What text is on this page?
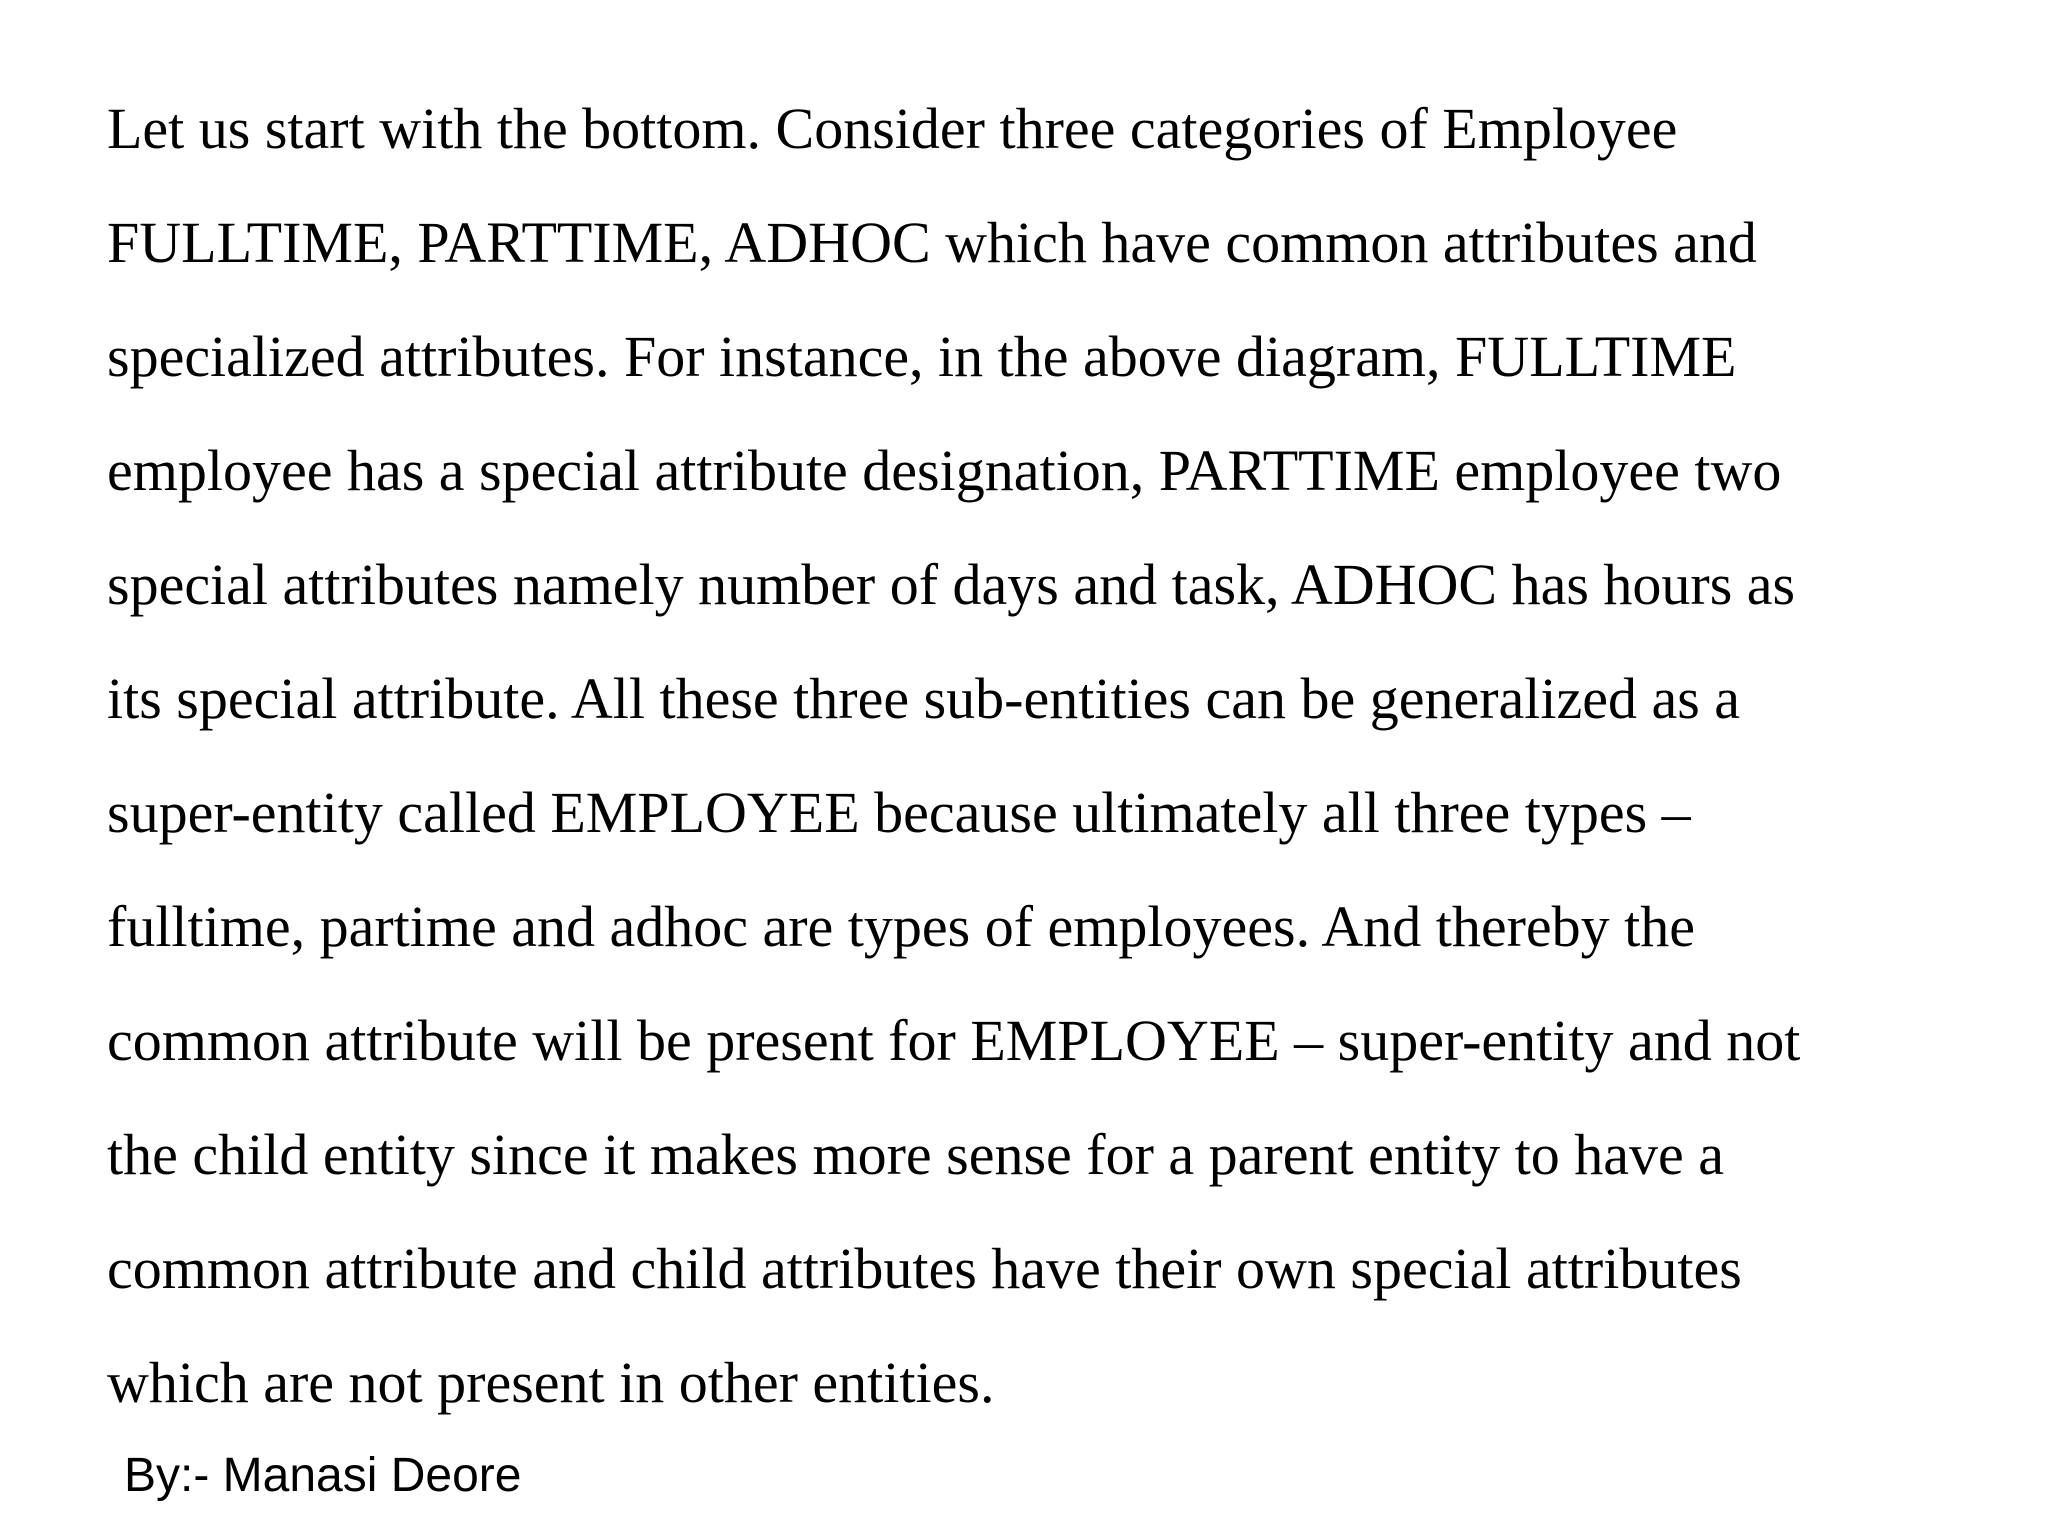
Let us start with the bottom. Consider three categories of Employee
FULLTIME, PARTTIME, ADHOC which have common attributes and
specialized attributes. For instance, in the above diagram, FULLTIME
employee has a special attribute designation, PARTTIME employee two
special attributes namely number of days and task, ADHOC has hours as
its special attribute. All these three sub-entities can be generalized as a
super-entity called EMPLOYEE because ultimately all three types –
fulltime, partime and adhoc are types of employees. And thereby the
common attribute will be present for EMPLOYEE – super-entity and not
the child entity since it makes more sense for a parent entity to have a
common attribute and child attributes have their own special attributes
which are not present in other entities.
By:- Manasi Deore
